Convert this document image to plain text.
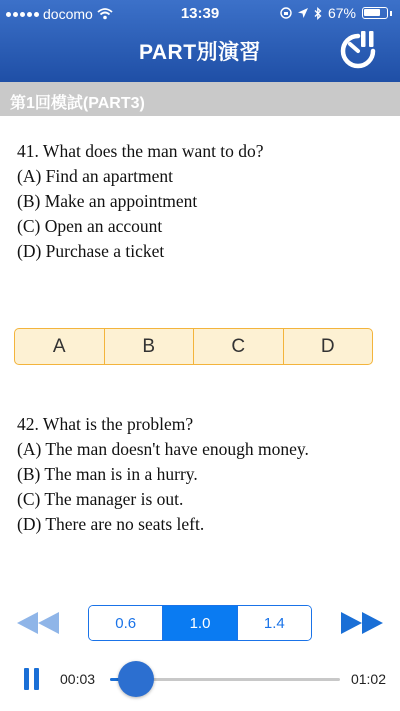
docomo	13:39	67%
PART別演習
第1回模試(PART3)
41. What does the man want to do?
(A) Find an apartment
(B) Make an appointment
(C) Open an account
(D) Purchase a ticket
A	B	C	D
42. What is the problem?
(A) The man doesn't have enough money.
(B) The man is in a hurry.
(C) The manager is out.
(D) There are no seats left.
0.6	1.0	1.4
00:03	01:02
